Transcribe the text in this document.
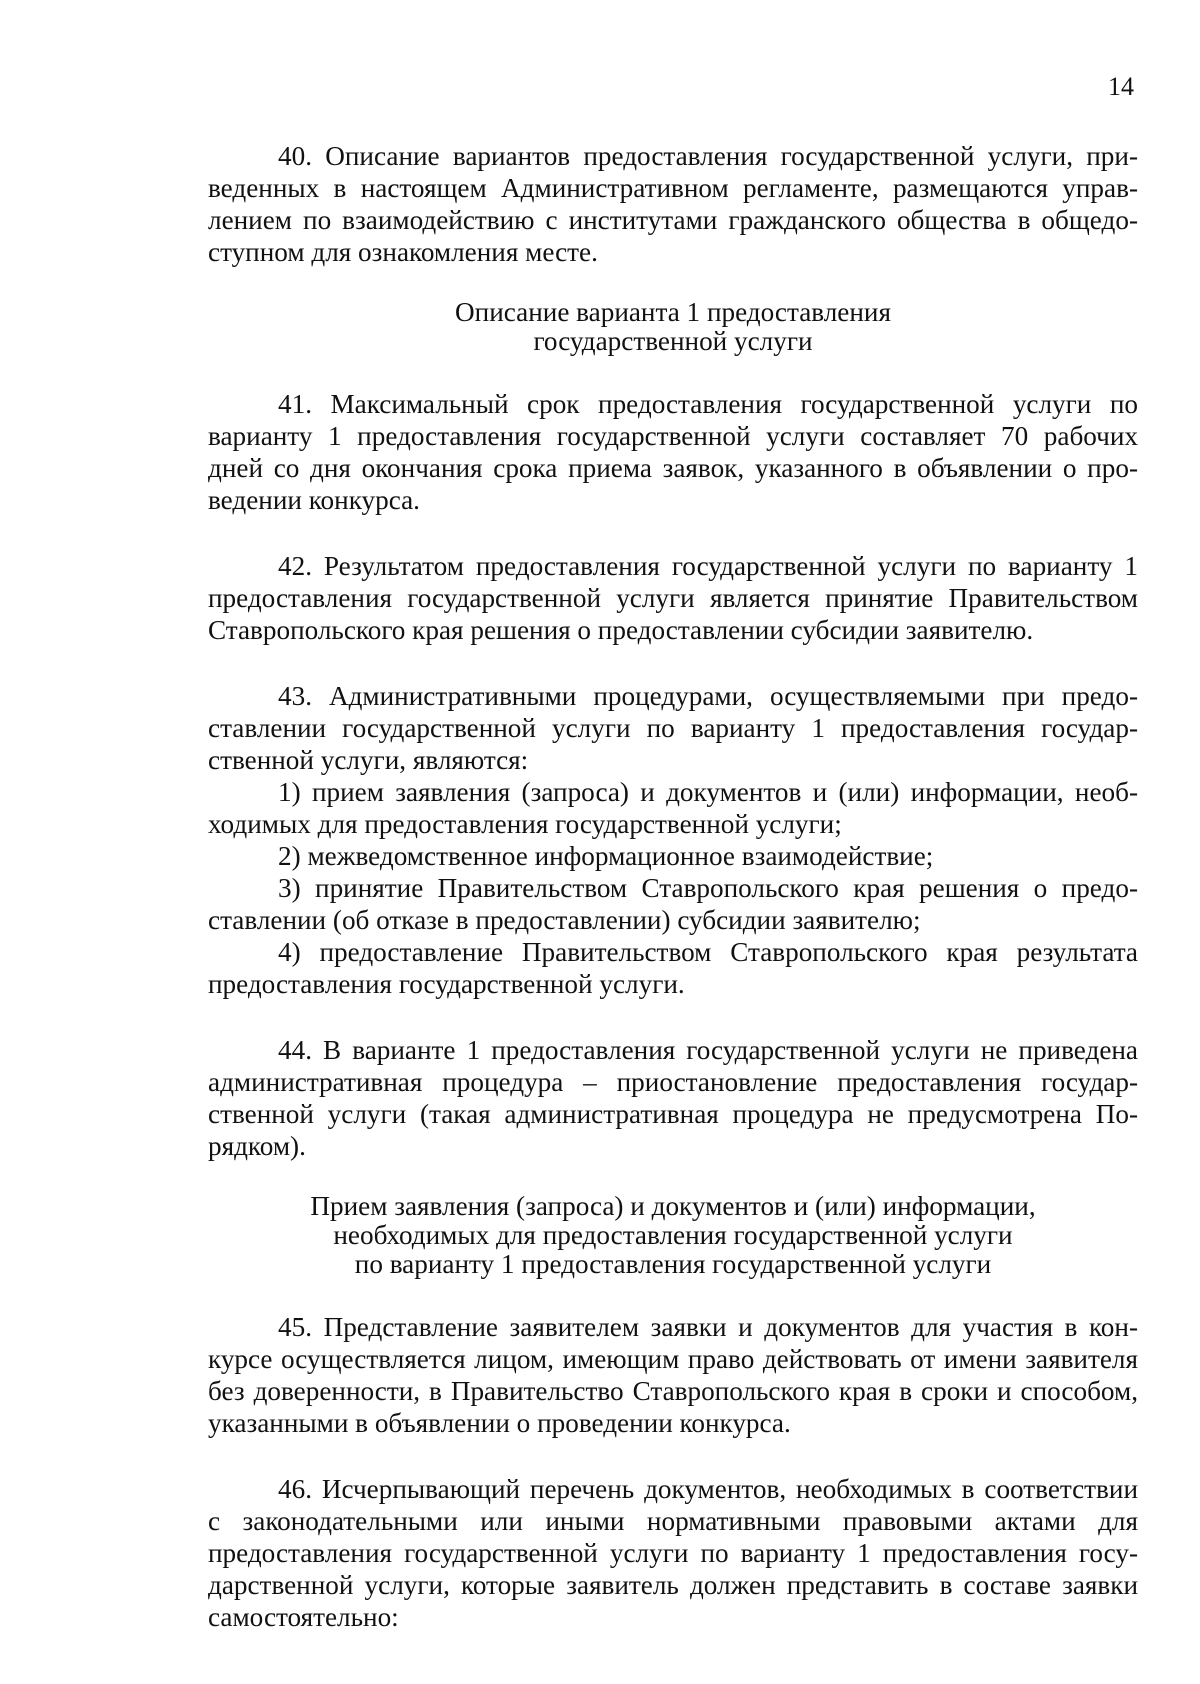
14

40. Описание вариантов предоставления государственной услуги, приведенных в настоящем Административном регламенте, размещаются управлением по взаимодействию с институтами гражданского общества в общедоступном для ознакомления месте.

Описание варианта 1 предоставления
государственной услуги

41. Максимальный срок предоставления государственной услуги по варианту 1 предоставления государственной услуги составляет 70 рабочих дней со дня окончания срока приема заявок, указанного в объявлении о проведении конкурса.

42. Результатом предоставления государственной услуги по варианту 1 предоставления государственной услуги является принятие Правительством Ставропольского края решения о предоставлении субсидии заявителю.

43. Административными процедурами, осуществляемыми при предоставлении государственной услуги по варианту 1 предоставления государственной услуги, являются:

1) прием заявления (запроса) и документов и (или) информации, необходимых для предоставления государственной услуги;

2) межведомственное информационное взаимодействие;

3) принятие Правительством Ставропольского края решения о предоставлении (об отказе в предоставлении) субсидии заявителю;

4) предоставление Правительством Ставропольского края результата предоставления государственной услуги.

44. В варианте 1 предоставления государственной услуги не приведена административная процедура – приостановление предоставления государственной услуги (такая административная процедура не предусмотрена Порядком).

Прием заявления (запроса) и документов и (или) информации,
необходимых для предоставления государственной услуги
по варианту 1 предоставления государственной услуги

45. Представление заявителем заявки и документов для участия в конкурсе осуществляется лицом, имеющим право действовать от имени заявителя без доверенности, в Правительство Ставропольского края в сроки и способом, указанными в объявлении о проведении конкурса.

46. Исчерпывающий перечень документов, необходимых в соответствии с законодательными или иными нормативными правовыми актами для предоставления государственной услуги по варианту 1 предоставления государственной услуги, которые заявитель должен представить в составе заявки самостоятельно:
